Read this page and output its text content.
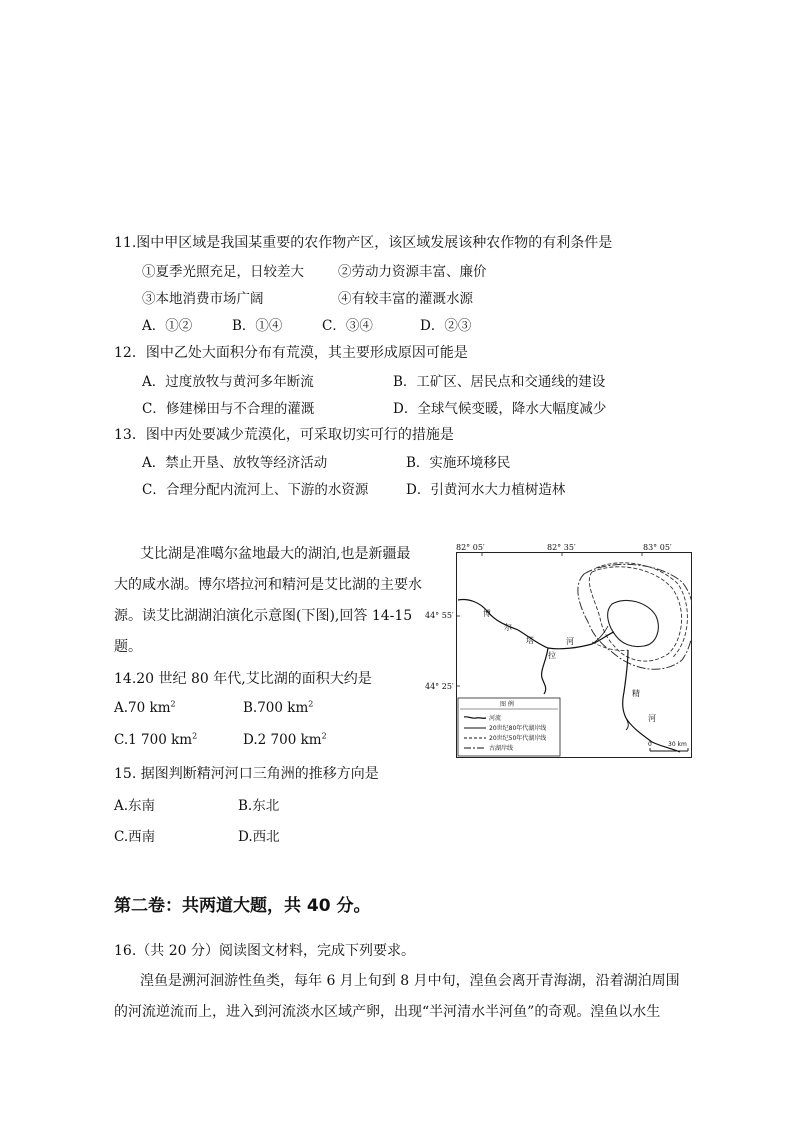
11.图中甲区域是我国某重要的农作物产区，该区域发展该种农作物的有利条件是
①夏季光照充足，日较差大	②劳动力资源丰富、廉价
③本地消费市场广阔	④有较丰富的灌溉水源
A．①②	B．①④	C．③④	D．②③
12．图中乙处大面积分布有荒漠，其主要形成原因可能是
A．过度放牧与黄河多年断流	B．工矿区、居民点和交通线的建设
C．修建梯田与不合理的灌溉	D．全球气候变暖，降水大幅度减少
13．图中丙处要减少荒漠化，可采取切实可行的措施是
A．禁止开垦、放牧等经济活动	B．实施环境移民
C．合理分配内流河上、下游的水资源	D．引黄河水大力植树造林
艾比湖是准噶尔盆地最大的湖泊,也是新疆最
大的咸水湖。博尔塔拉河和精河是艾比湖的主要水
源。读艾比湖湖泊演化示意图(下图),回答 14-15
题。
14.20 世纪 80 年代,艾比湖的面积大约是
A.70 $km^2$	B.700 $km^2$
C.1 700 $km^2$	D.2 700 $km^2$
15. 据图判断精河河口三角洲的推移方向是
A.东南	B.东北
C.西南	D.西北
第二卷：共两道大题，共 40 分。
16.（共 20 分）阅读图文材料，完成下列要求。
湟鱼是溯河洄游性鱼类，每年 6 月上旬到 8 月中旬，湟鱼会离开青海湖，沿着湖泊周围
的河流逆流而上，进入到河流淡水区域产卵，出现“半河清水半河鱼”的奇观。湟鱼以水生
图 例
河流
20世纪80年代湖岸线
20世纪50年代湖岸线
古湖岸线
博
尔
塔
拉
河
精
河
0	30 km
82° 05′	82° 35′	83° 05′
44° 55′
44° 25′
